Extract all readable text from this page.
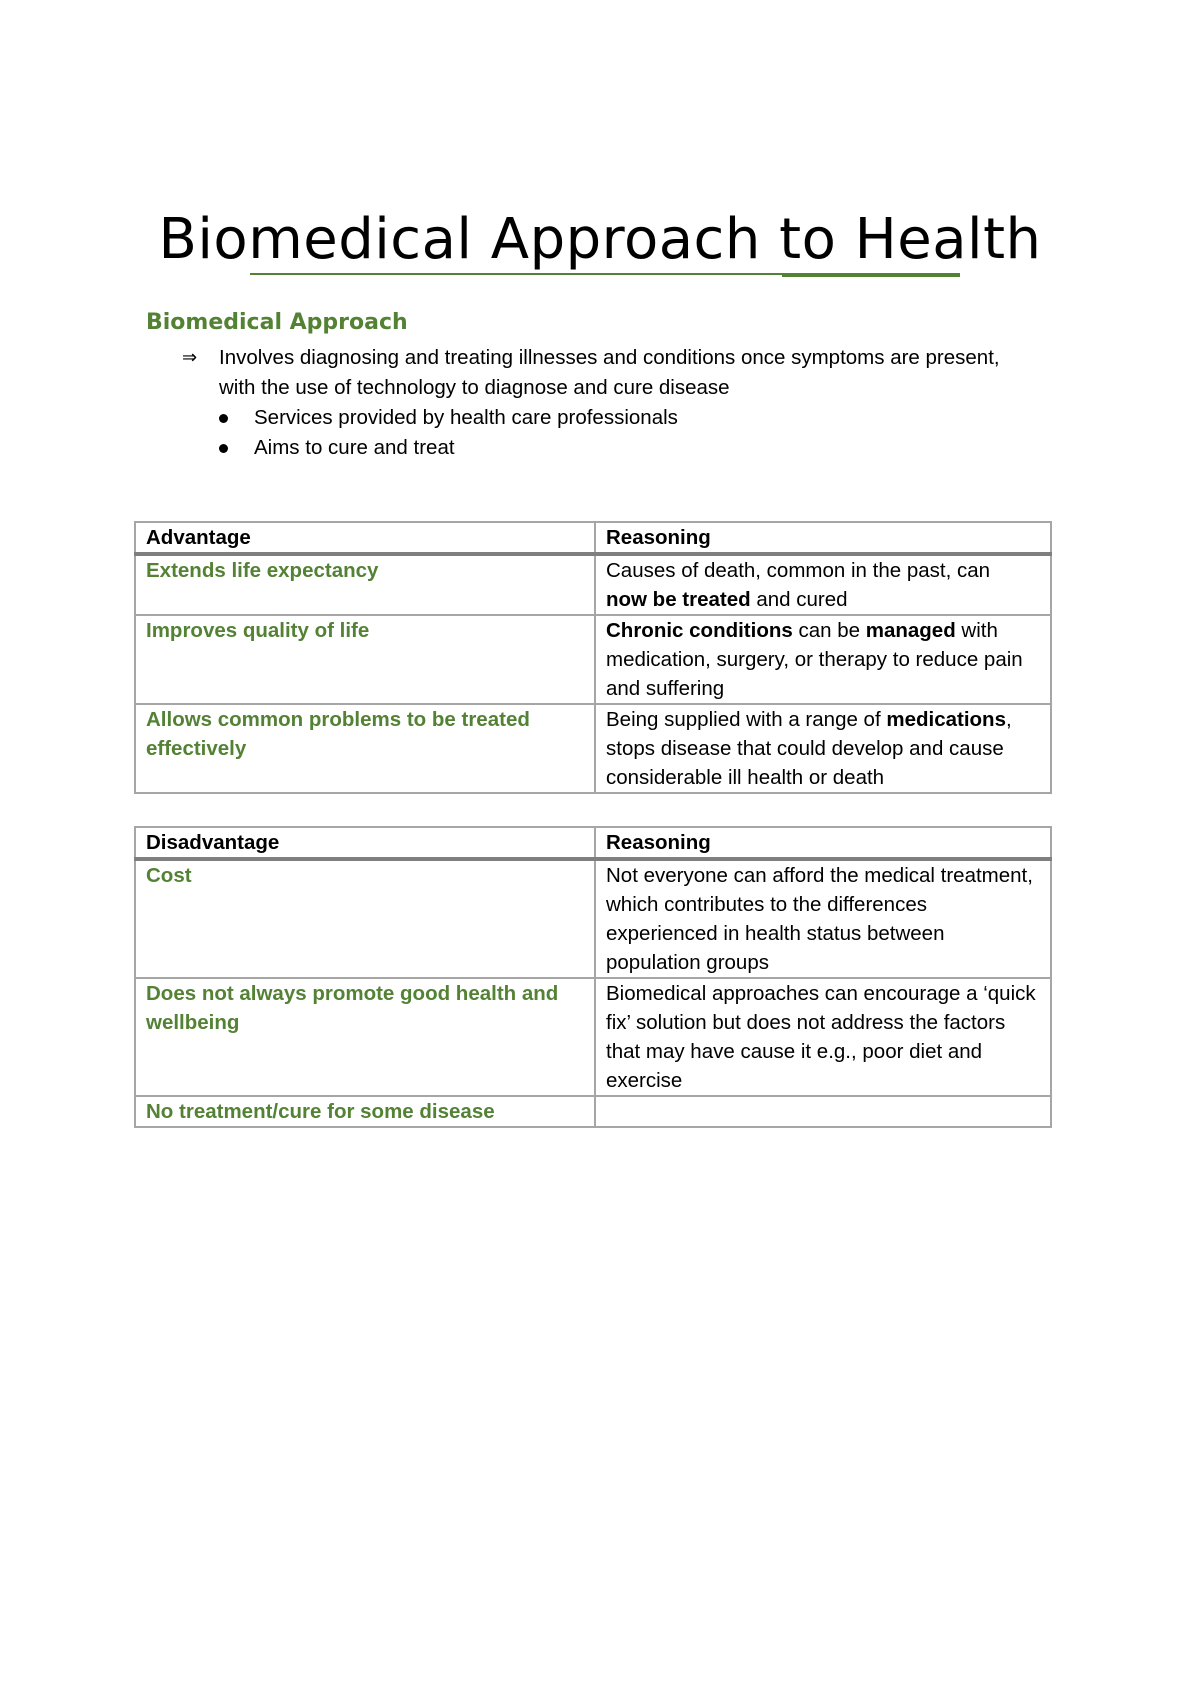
Biomedical Approach to Health
Biomedical Approach
⇒ Involves diagnosing and treating illnesses and conditions once symptoms are present,
with the use of technology to diagnose and cure disease
Services provided by health care professionals
Aims to cure and treat
Advantage	Reasoning
Extends life expectancy	Causes of death, common in the past, can
now be treated and cured
Improves quality of life	Chronic conditions can be managed with medication, surgery, or therapy to reduce pain and suffering
Allows common problems to be treated effectively	Being supplied with a range of medications, stops disease that could develop and cause considerable ill health or death
Disadvantage	Reasoning
Cost	Not everyone can afford the medical treatment, which contributes to the differences experienced in health status between population groups
Does not always promote good health and wellbeing	Biomedical approaches can encourage a ‘quick fix’ solution but does not address the factors that may have cause it e.g., poor diet and exercise
No treatment/cure for some disease	
